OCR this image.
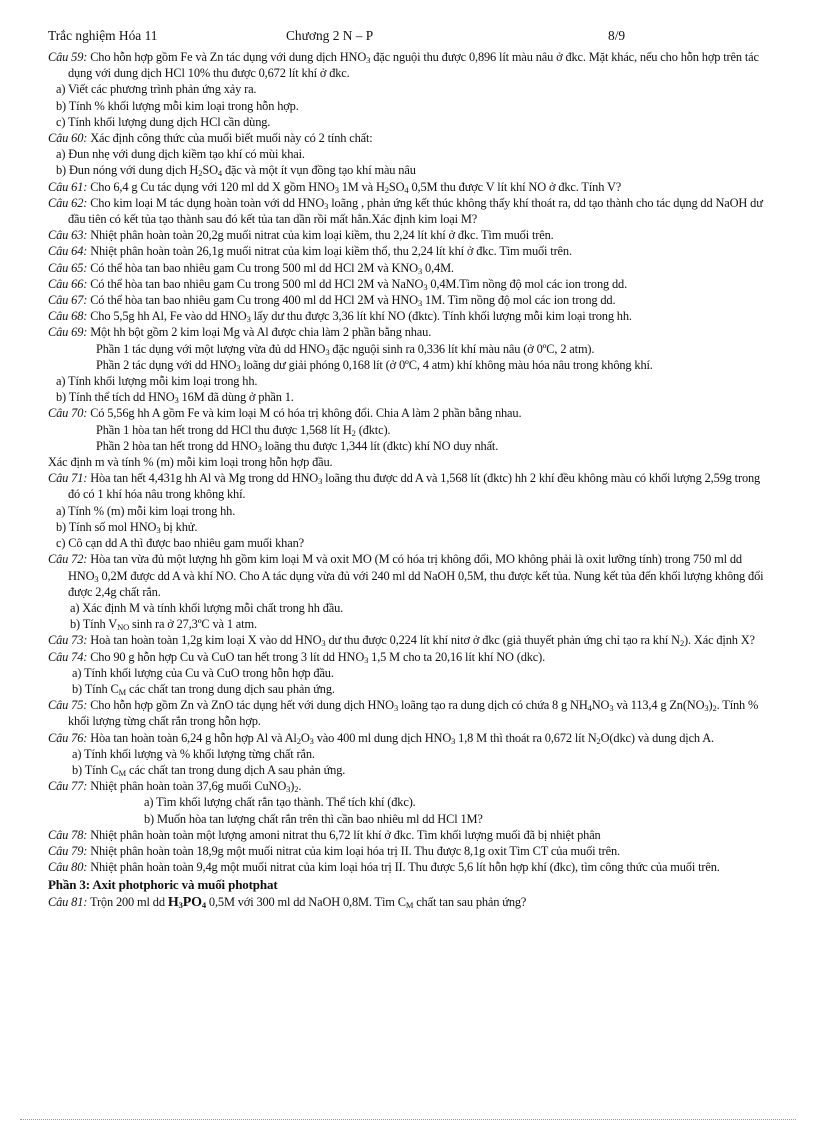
Trắc nghiệm Hóa 11	Chương 2 N – P	8/9

Câu 59: Cho hỗn hợp gồm Fe và Zn tác dụng với dung dịch $HNO_3$ đặc nguội thu được 0,896 lít màu nâu ở đkc. Mặt khác, nếu cho hỗn hợp trên tác dụng với dung dịch HCl 10% thu được 0,672 lít khí ở đkc.

a) Viết các phương trình phản ứng xảy ra.

b) Tính % khối lượng mỗi kim loại trong hỗn hợp.

c) Tính khối lượng dung dịch HCl cần dùng.

Câu 60: Xác định công thức của muối biết muối này có 2 tính chất:

a) Đun nhẹ với dung dịch kiềm tạo khí có mùi khai.

b) Đun nóng với dung dịch $H_2SO_4$ đặc và một ít vụn đồng tạo khí màu nâu

Câu 61: Cho 6,4 g Cu tác dụng với 120 ml dd X gồm $HNO_3$ 1M và $H_2SO_4$ 0,5M thu được V lít khí NO ở đkc. Tính V?

Câu 62: Cho kim loại M tác dụng hoàn toàn với dd $HNO_3$ loãng , phản ứng kết thúc không thấy khí thoát ra, dd tạo thành cho tác dụng dd NaOH dư đầu tiên có kết tủa tạo thành sau đó kết tủa tan dần rồi mất hẳn.Xác định kim loại M?

Câu 63: Nhiệt phân hoàn toàn 20,2g muối nitrat của kim loại kiềm, thu 2,24 lít khí ở đkc. Tìm muối trên.

Câu 64: Nhiệt phân hoàn toàn 26,1g muối nitrat của kim loại kiềm thổ, thu 2,24 lít khí ở đkc. Tìm muối trên.

Câu 65: Có thể hòa tan bao nhiêu gam Cu trong 500 ml dd HCl 2M và $KNO_3$ 0,4M.

Câu 66: Có thể hòa tan bao nhiêu gam Cu trong 500 ml dd HCl 2M và NaNO$_3$ 0,4M.Tìm nồng độ mol các ion trong dd.

Câu 67: Có thể hòa tan bao nhiêu gam Cu trong 400 ml dd HCl 2M và $HNO_3$ 1M. Tìm nồng độ mol các ion trong dd.

Câu 68: Cho 5,5g hh Al, Fe vào dd $HNO_3$ lấy dư thu được 3,36 lít khí NO (đktc). Tính khối lượng mỗi kim loại trong hh.

Câu 69: Một hh bột gồm 2 kim loại Mg và Al được chia làm 2 phần bằng nhau.

Phần 1 tác dụng với một lượng vừa đủ dd $HNO_3$ đặc nguội sinh ra 0,336 lít khí màu nâu (ở 0ºC, 2 atm).

Phần 2 tác dụng với dd $HNO_3$ loãng dư giải phóng 0,168 lít (ở 0ºC, 4 atm) khí không màu hóa nâu trong không khí.

a) Tính khối lượng mỗi kim loại trong hh.

b) Tính thể tích dd $HNO_3$ 16M đã dùng ở phần 1.

Câu 70: Có 5,56g hh A gồm Fe và kim loại M có hóa trị không đổi. Chia A làm 2 phần bằng nhau.

Phần 1 hòa tan hết trong dd HCl thu được 1,568 lít $H_2$ (đktc).

Phần 2 hòa tan hết trong dd $HNO_3$ loãng thu được 1,344 lít (đktc) khí NO duy nhất.

Xác định m và tính % (m) mỗi kim loại trong hỗn hợp đầu.

Câu 71: Hòa tan hết 4,431g hh Al và Mg trong dd $HNO_3$ loãng thu được dd A và 1,568 lít (đktc) hh 2 khí đều không màu có khối lượng 2,59g trong đó có 1 khí hóa nâu trong không khí.

a) Tính % (m) mỗi kim loại trong hh.

b) Tính số mol $HNO_3$ bị khử.

c) Cô cạn dd A thì được bao nhiêu gam muối khan?

Câu 72: Hòa tan vừa đủ một lượng hh gồm kim loại M và oxit MO (M có hóa trị không đổi, MO không phải là oxit lưỡng tính) trong 750 ml dd $HNO_3$ 0,2M được dd A và khí NO. Cho A tác dụng vừa đủ với 240 ml dd NaOH 0,5M, thu được kết tủa. Nung kết tủa đến khối lượng không đổi được 2,4g chất rắn.

a) Xác định M và tính khối lượng mỗi chất trong hh đầu.

b) Tính $V_{NO}$ sinh ra ở 27,3ºC và 1 atm.

Câu 73: Hoà tan hoàn toàn 1,2g kim loại X vào dd $HNO_3$ dư thu được 0,224 lít khí nitơ ở đkc (giả thuyết phản ứng chỉ tạo ra khí $N_2$). Xác định X?

Câu 74: Cho 90 g hỗn hợp Cu và CuO tan hết trong 3 lít dd $HNO_3$ 1,5 M cho ta 20,16 lít khí NO (dkc).

a) Tính khối lượng của Cu và CuO trong hỗn hợp đầu.

b) Tính $C_M$ các chất tan trong dung dịch sau phản ứng.

Câu 75: Cho hỗn hợp gồm Zn và ZnO tác dụng hết với dung dịch $HNO_3$ loãng tạo ra dung dịch có chứa 8 g $NH_4NO_3$ và 113,4 g $Zn(NO_3)_2$. Tính % khối lượng từng chất rắn trong hỗn hợp.

Câu 76: Hòa tan hoàn toàn 6,24 g hỗn hợp Al và $Al_2O_3$ vào 400 ml dung dịch $HNO_3$ 1,8 M thì thoát ra 0,672 lít $N_2O(dkc)$ và dung dịch A.

a) Tính khối lượng và % khối lượng từng chất rắn.

b) Tính $C_M$ các chất tan trong dung dịch A sau phản ứng.

Câu 77: Nhiệt phân hoàn toàn 37,6g muối $CuNO_3)_2$.

a) Tìm khối lượng chất rắn tạo thành. Thể tích khí (đkc).

b) Muốn hòa tan lượng chất rắn trên thì cần bao nhiêu ml dd HCl 1M?

Câu 78: Nhiệt phân hoàn toàn một lượng amoni nitrat thu 6,72 lít khí ở đkc. Tìm khối lượng muối đã bị nhiệt phân

Câu 79: Nhiệt phân hoàn toàn 18,9g một muối nitrat của kim loại hóa trị II. Thu được 8,1g oxit Tìm CT của muối trên.

Câu 80: Nhiệt phân hoàn toàn 9,4g một muối nitrat của kim loại hóa trị II. Thu được 5,6 lít hỗn hợp khí (đkc), tìm công thức của muối trên.

Phần 3: Axit photphoric và muối photphat

Câu 81: Trộn 200 ml dd $H_3PO_4$ 0,5M với 300 ml dd NaOH 0,8M. Tìm $C_M$ chất tan sau phản ứng?
